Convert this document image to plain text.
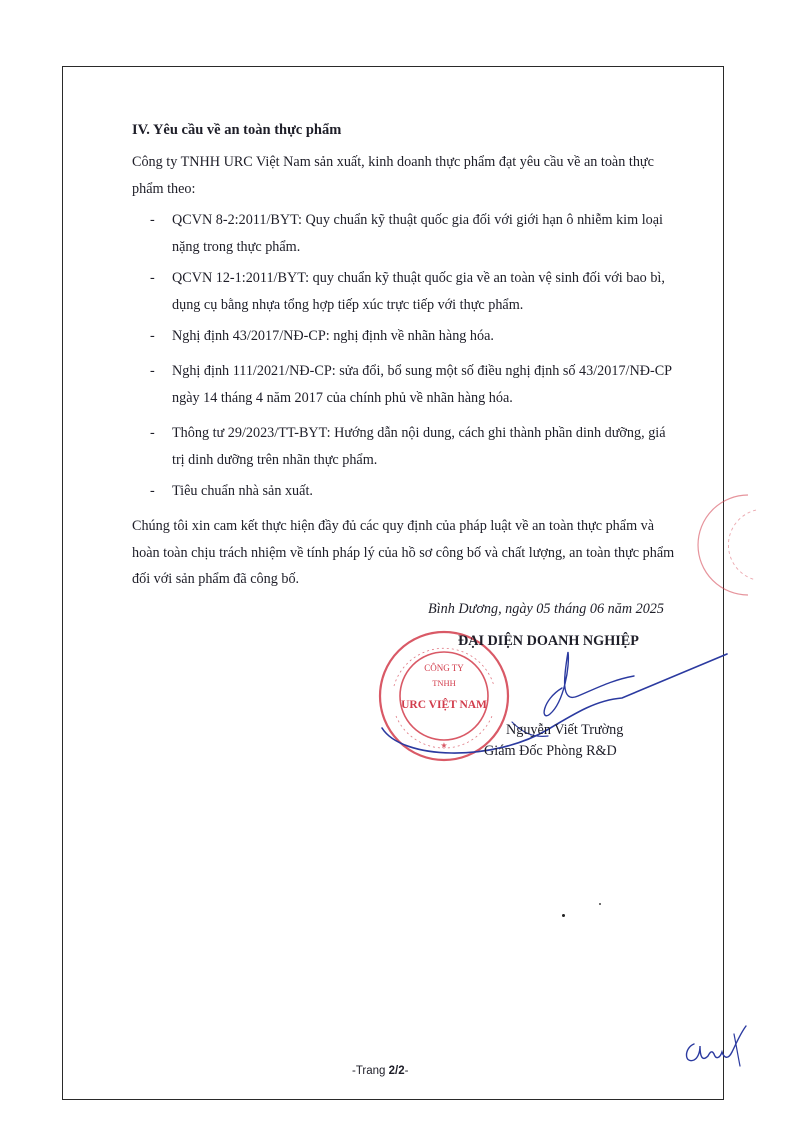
IV. Yêu cầu về an toàn thực phẩm
Công ty TNHH URC Việt Nam sản xuất, kinh doanh thực phẩm đạt yêu cầu về an toàn thực
phẩm theo:
- QCVN 8-2:2011/BYT: Quy chuẩn kỹ thuật quốc gia đối với giới hạn ô nhiễm kim loại
nặng trong thực phẩm.
- QCVN 12-1:2011/BYT: quy chuẩn kỹ thuật quốc gia về an toàn vệ sinh đối với bao bì,
dụng cụ bằng nhựa tổng hợp tiếp xúc trực tiếp với thực phẩm.
- Nghị định 43/2017/NĐ-CP: nghị định về nhãn hàng hóa.
- Nghị định 111/2021/NĐ-CP: sửa đổi, bổ sung một số điều nghị định số 43/2017/NĐ-CP
ngày 14 tháng 4 năm 2017 của chính phủ về nhãn hàng hóa.
- Thông tư 29/2023/TT-BYT: Hướng dẫn nội dung, cách ghi thành phần dinh dưỡng, giá
trị dinh dưỡng trên nhãn thực phẩm.
- Tiêu chuẩn nhà sản xuất.
Chúng tôi xin cam kết thực hiện đầy đủ các quy định của pháp luật về an toàn thực phẩm và
hoàn toàn chịu trách nhiệm về tính pháp lý của hồ sơ công bố và chất lượng, an toàn thực phẩm
đối với sản phẩm đã công bố.
Bình Dương, ngày 05 tháng 06 năm 2025
CÔNG TY
TNHH
URC VIỆT NAM
★
ĐẠI DIỆN DOANH NGHIỆP
Nguyễn Viết Trường
Giám Đốc Phòng R&D
-Trang 2/2-
